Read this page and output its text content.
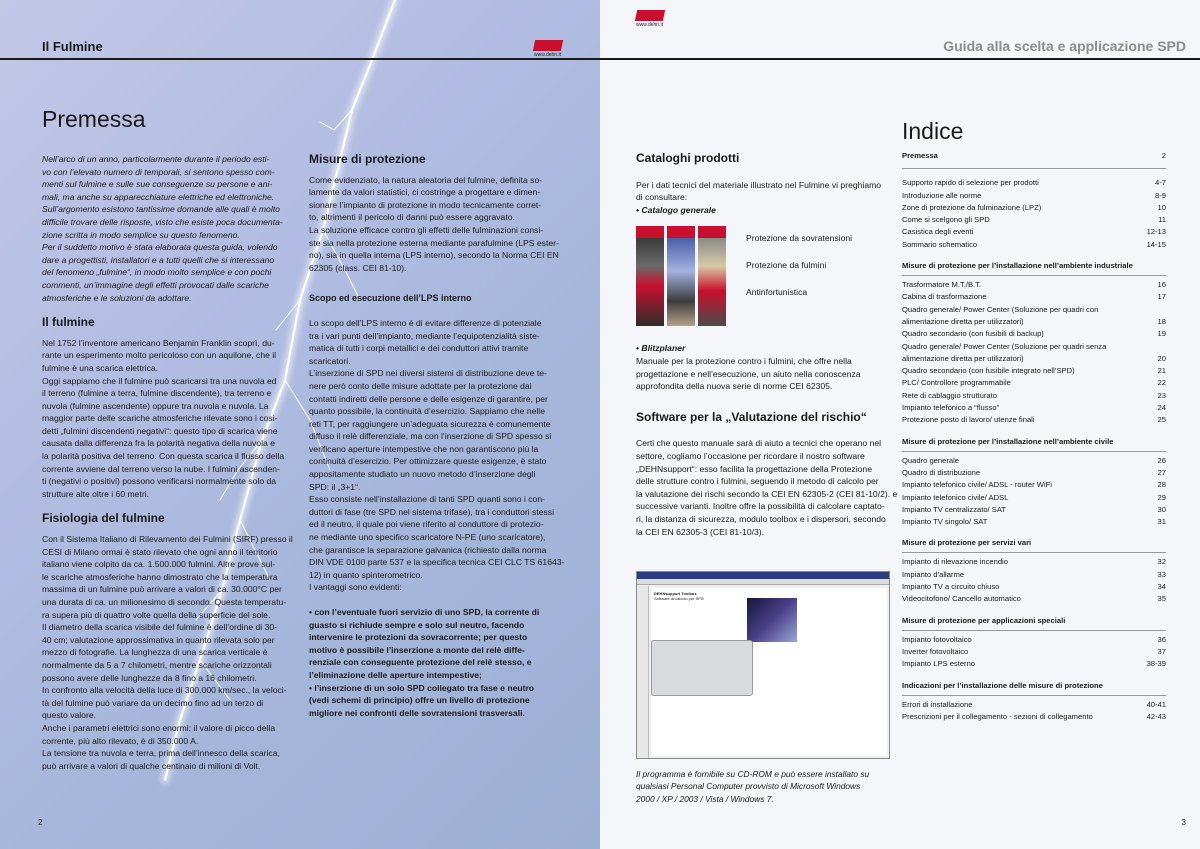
Il Fulmine
www.dehn.it
Premessa
Nell’arco di un anno, particolarmente durante il periodo esti-
vo con l’elevato numero di temporali, si sentono spesso com-
menti sul fulmine e sulle sue conseguenze su persone e ani-
mali, ma anche su apparecchiature elettriche ed elettroniche.
Sull’argomento esistono tantissime domande alle quali è molto
difficile trovare delle risposte, visto che esiste poca documenta-
zione scritta in modo semplice su questo fenomeno.
Per il suddetto motivo è stata elaborata questa guida, volendo
dare a progettisti, installatori e a tutti quelli che si interessano
del fenomeno „fulmine“, in modo molto semplice e con pochi
commenti, un’immagine degli effetti provocati dalle scariche
atmosferiche e le soluzioni da adottare.
Il fulmine
Nel 1752 l’inventore americano Benjamin Franklin scoprì, du-
rante un esperimento molto pericoloso con un aquilone, che il
fulmine è una scarica elettrica.
Oggi sappiamo che il fulmine può scaricarsi tra una nuvola ed
il terreno (fulmine a terra, fulmine discendente), tra terreno e
nuvola (fulmine ascendente) oppure tra nuvola e nuvola. La
maggior parte delle scariche atmosferiche rilevate sono i cosi-
detti „fulmini discendenti negativi“: questo tipo di scarica viene
causata dalla differenza fra la polarità negativa della nuvola e
la polarità positiva del terreno. Con questa scarica il flusso della
corrente avviene dal terreno verso la nube. I fulmini ascenden-
ti (negativi o positivi) possono verificarsi normalmente solo da
strutture alte oltre i 60 metri.
Fisiologia del fulmine
Con il Sistema Italiano di Rilevamento dei Fulmini (SIRF) presso il
CESI di Milano ormai è stato rilevato che ogni anno il territorio
italiano viene colpito da ca. 1.500.000 fulmini. Altre prove sul-
le scariche atmosferiche hanno dimostrato che la temperatura
massima di un fulmine può arrivare a valori di ca. 30.000°C per
una durata di ca. un milionesimo di secondo. Questa temperatu-
ra supera più di quattro volte quella della superficie del sole.
Il diametro della scarica visibile del fulmine è dell’ordine di 30-
40 cm; valutazione approssimativa in quanto rilevata solo per
mezzo di fotografie. La lunghezza di una scarica verticale è
normalmente da 5 a 7 chilometri, mentre scariche orizzontali
possono avere delle lunghezze da 8 fino a 16 chilometri.
In confronto alla velocità della luce di 300.000 km/sec., la veloci-
tà del fulmine può variare da un decimo fino ad un terzo di
questo valore.
Anche i parametri elettrici sono enormi: il valore di picco della
corrente, più alto rilevato, è di 350.000 A.
La tensione tra nuvola e terra, prima dell’innesco della scarica,
può arrivare a valori di qualche centinaio di milioni di Volt.
Misure di protezione
Come evidenziato, la natura aleatoria del fulmine, definita so-
lamente da valori statistici, ci costringe a progettare e dimen-
sionare l’impianto di protezione in modo tecnicamente corret-
to, altrimenti il pericolo di danni può essere aggravato.
La soluzione efficace contro gli effetti delle fulminazioni consi-
ste sia nella protezione esterna mediante parafulmine (LPS ester-
no), sia in quella interna (LPS interno), secondo la Norma CEI EN
62305 (class. CEI 81-10).
Scopo ed esecuzione dell’LPS interno
Lo scopo dell’LPS interno è di evitare differenze di potenziale
tra i vari punti dell’impianto, mediante l’equipotenzialità siste-
matica di tutti i corpi metallici e dei conduttori attivi tramite
scaricatori.
L’inserzione di SPD nei diversi sistemi di distribuzione deve te-
nere però conto delle misure adottate per la protezione dai
contatti indiretti delle persone e delle esigenze di garantire, per
quanto possibile, la continuità d’esercizio. Sappiamo che nelle
reti TT, per raggiungere un’adeguata sicurezza è comunemente
diffuso il relè differenziale, ma con l’inserzione di SPD spesso si
verificano aperture intempestive che non garantiscono più la
continuità d’esercizio. Per ottimizzare queste esigenze, è stato
appositamente studiato un nuovo metodo d’inserzione degli
SPD: il „3+1“.
Esso consiste nell’installazione di tanti SPD quanti sono i con-
duttori di fase (tre SPD nel sistema trifase), tra i conduttori stessi
ed il neutro, il quale poi viene riferito al conduttore di protezio-
ne mediante uno specifico scaricatore N-PE (uno scaricatore),
che garantisce la separazione galvanica (richiesto dalla norma
DIN VDE 0100 parte 537 e la specifica tecnica CEI CLC TS 61643-
12) in quanto spinterometrico.
I vantaggi sono evidenti:
• con l’eventuale fuori servizio di uno SPD, la corrente di
guasto si richiude sempre e solo sul neutro, facendo
intervenire le protezioni da sovracorrente; per questo
motivo è possibile l’inserzione a monte del relè diffe-
renziale con conseguente protezione del relè stesso, e
l’eliminazione delle aperture intempestive;
• l’inserzione di un solo SPD collegato tra fase e neutro
(vedi schemi di principio) offre un livello di protezione
migliore nei confronti delle sovratensioni trasversali.
2
Guida alla scelta e applicazione SPD
www.dehn.it
Cataloghi prodotti
Per i dati tecnici del materiale illustrato nel Fulmine vi preghiamo
di consultare:
• Catalogo generale
Protezione da sovratensioni
Protezione da fulmini
Antinfortunistica
• Blitzplaner
Manuale per la protezione contro i fulmini, che offre nella
progettazione e nell’esecuzione, un aiuto nella conoscenza
approfondita della nuova serie di norme CEI 62305.
Software per la „Valutazione del rischio“
Certi che questo manuale sarà di aiuto a tecnici che operano nel
settore, cogliamo l’occasione per ricordare il nostro software
„DEHNsupport“: esso facilita la progettazione della Protezione
delle strutture contro i fulmini, seguendo il metodo di calcolo per
la valutazione dei rischi secondo la CEI EN 62305-2 (CEI 81-10/2). e
successive varianti. Inoltre offre la possibilità di calcolare captato-
ri, la distanza di sicurezza, modulo toolbox e i dispersori, secondo
la CEI EN 62305-3 (CEI 81-10/3).
DEHNsupport Toolbox
Software di calcolo per SPD
Il programma è fornibile su CD-ROM e può essere installato su
qualsiasi Personal Computer provvisto di Microsoft Windows
2000 / XP / 2003 / Vista / Windows 7.
Indice
Premessa	2
Supporto rapido di selezione per prodotti	4-7
Introduzione alle norme	8-9
Zone di protezione da fulminazione (LPZ)	10
Come si scelgono gli SPD	11
Casistica degli eventi	12-13
Sommario schematico	14-15
Misure di protezione per l’installazione nell’ambiente industriale
Trasformatore M.T./B.T.	16
Cabina di trasformazione	17
Quadro generale/ Power Center (Soluzione per quadri con
alimentazione diretta per utilizzatori)	18
Quadro secondario (con fusibili di backup)	19
Quadro generale/ Power Center (Soluzione per quadri senza
alimentazione diretta per utilizzatori)	20
Quadro secondario (con fusibile integrato nell’SPD)	21
PLC/ Controllore programmabile	22
Rete di cablaggio strutturato	23
Impianto telefonico a “flusso”	24
Protezione posto di lavoro/ utenze finali	25
Misure di protezione per l’installazione nell’ambiente civile
Quadro generale	26
Quadro di distribuzione	27
Impianto telefonico civile/ ADSL - router WiFi	28
Impianto telefonico civile/ ADSL	29
Impianto TV centralizzato/ SAT	30
Impianto TV singolo/ SAT	31
Misure di protezione per servizi vari
Impianto di rilevazione incendio	32
Impianto d’allarme	33
Impianto TV a circuito chiuso	34
Videocitofono/ Cancello automatico	35
Misure di protezione per applicazioni speciali
Impianto fotovoltaico	36
Inverter fotovoltaico	37
Impianto LPS esterno	38-39
Indicazioni per l’installazione delle misure di protezione
Errori di installazione	40-41
Prescrizioni per il collegamento - sezioni di collegamento	42-43
3
